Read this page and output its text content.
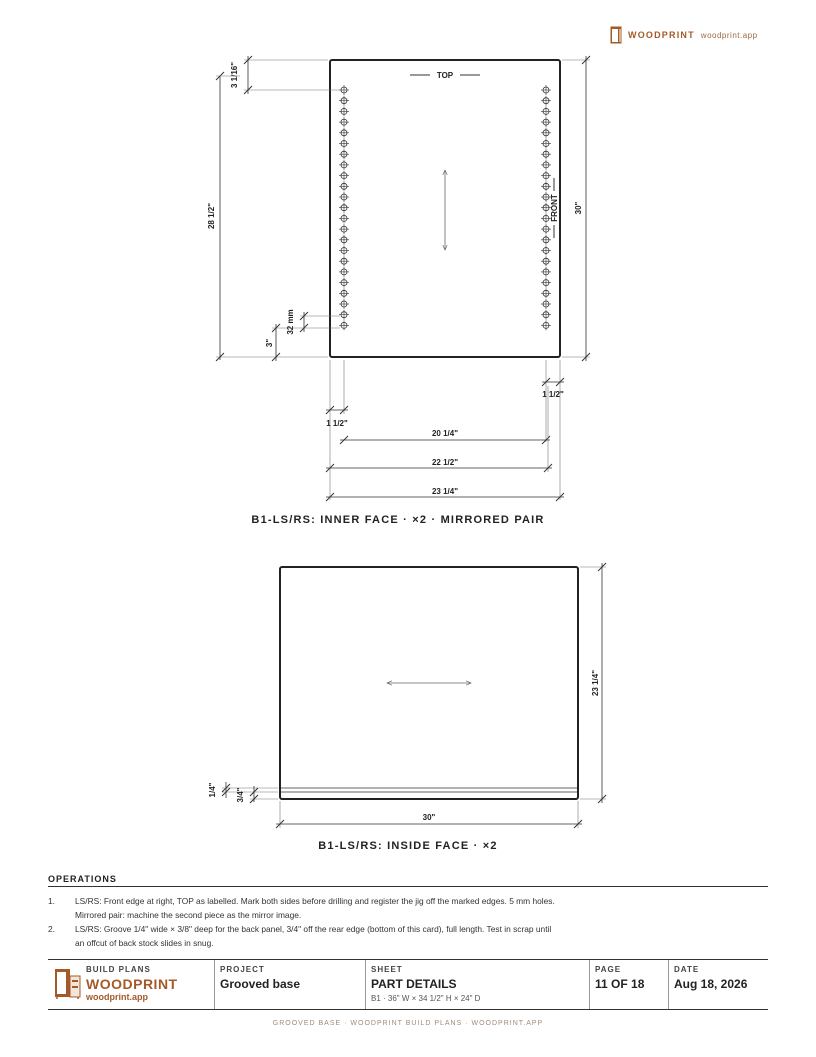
WOODPRINT woodprint.app
TOP
FRONT
3 1/16"
28 1/2"
32 mm
3"
30"
1 1/2"
1 1/2"
20 1/4"
22 1/2"
23 1/4"
1/4" 3/4"
23 1/4"
30"
B1-LS/RS: INNER FACE · ×2 · MIRRORED PAIR
B1-LS/RS: INSIDE FACE · ×2
OPERATIONS
1. LS/RS: Front edge at right, TOP as labelled. Mark both sides before drilling and register the jig off the marked edges. 5 mm holes. Mirrored pair: machine the second piece as the mirror image.
2. LS/RS: Groove 1/4" wide × 3/8" deep for the back panel, 3/4" off the rear edge (bottom of this card), full length. Test in scrap until an offcut of back stock slides in snug.
BUILD PLANS
WOODPRINT
woodprint.app
PROJECT
Grooved base
SHEET
PART DETAILS
B1 · 36" W × 34 1/2" H × 24" D
PAGE
11 OF 18
DATE
Aug 18, 2026
GROOVED BASE · WOODPRINT BUILD PLANS · WOODPRINT.APP
